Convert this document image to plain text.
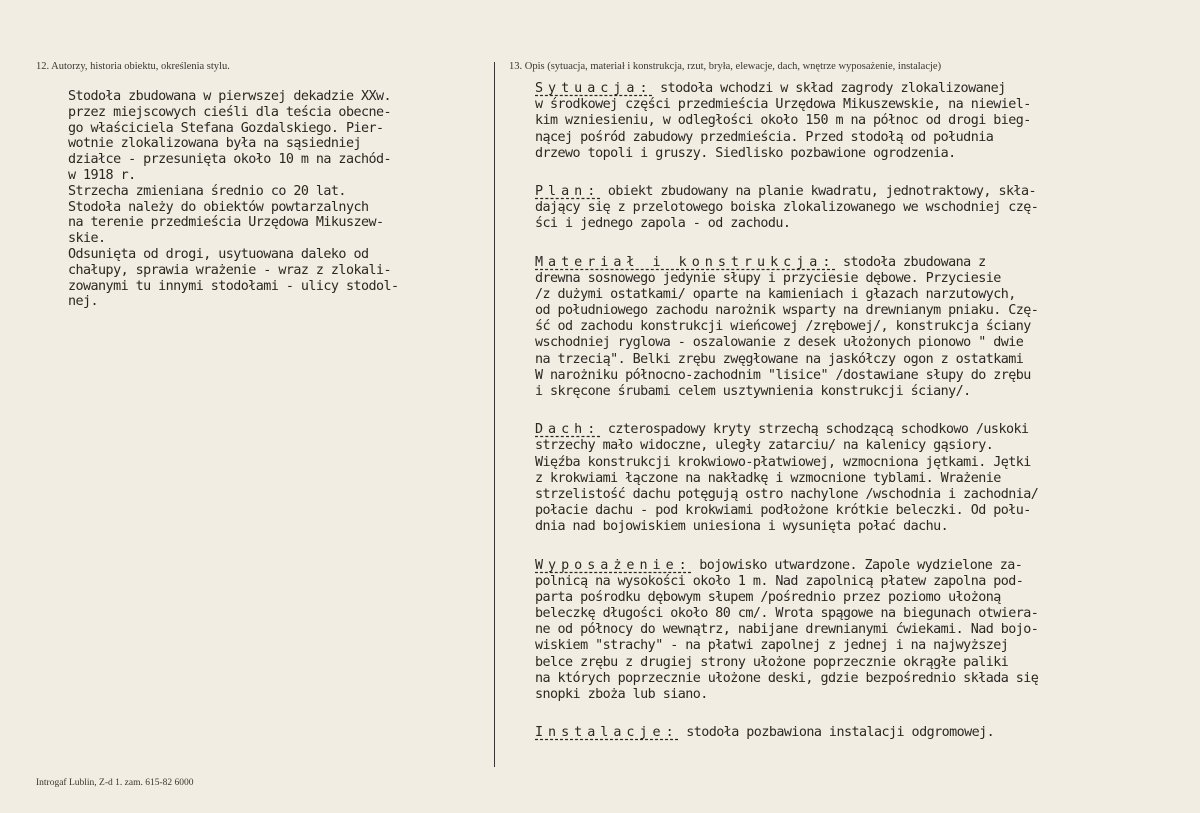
12. Autorzy, historia obiektu, określenia stylu.	13. Opis (sytuacja, materiał i konstrukcja, rzut, bryła, elewacje, dach, wnętrze wyposażenie, instalacje)
Stodoła zbudowana w pierwszej dekadzie XXw.
przez miejscowych cieśli dla teścia obecne-
go właściciela Stefana Gozdalskiego. Pier-
wotnie zlokalizowana była na sąsiedniej
działce - przesunięta około 10 m na zachód-
w 1918 r.
Strzecha zmieniana średnio co 20 lat.
Stodoła należy do obiektów powtarzalnych
na terenie przedmieścia Urzędowa Mikuszew-
skie.
Odsunięta od drogi, usytuowana daleko od
chałupy, sprawia wrażenie - wraz z zlokali-
zowanymi tu innymi stodołami - ulicy stodol-
nej.
Sytuacja: stodoła wchodzi w skład zagrody zlokalizowanej
w środkowej części przedmieścia Urzędowa Mikuszewskie, na niewiel-
kim wzniesieniu, w odległości około 150 m na północ od drogi bieg-
nącej pośród zabudowy przedmieścia. Przed stodołą od południa
drzewo topoli i gruszy. Siedlisko pozbawione ogrodzenia.
Plan: obiekt zbudowany na planie kwadratu, jednotraktowy, skła-
dający się z przelotowego boiska zlokalizowanego we wschodniej czę-
ści i jednego zapola - od zachodu.
Materiał i konstrukcja: stodoła zbudowana z
drewna sosnowego jedynie słupy i przyciesie dębowe. Przyciesie
/z dużymi ostatkami/ oparte na kamieniach i głazach narzutowych,
od południowego zachodu narożnik wsparty na drewnianym pniaku. Czę-
ść od zachodu konstrukcji wieńcowej /zrębowej/, konstrukcja ściany
wschodniej ryglowa - oszalowanie z desek ułożonych pionowo " dwie
na trzecią". Belki zrębu zwęgłowane na jaskółczy ogon z ostatkami
W narożniku północno-zachodnim "lisice" /dostawiane słupy do zrębu
i skręcone śrubami celem usztywnienia konstrukcji ściany/.
Dach: czterospadowy kryty strzechą schodzącą schodkowo /uskoki
strzechy mało widoczne, uległy zatarciu/ na kalenicy gąsiory.
Więźba konstrukcji krokwiowo-płatwiowej, wzmocniona jętkami. Jętki
z krokwiami łączone na nakładkę i wzmocnione tyblami. Wrażenie
strzelistość dachu potęgują ostro nachylone /wschodnia i zachodnia/
połacie dachu - pod krokwiami podłożone krótkie beleczki. Od połu-
dnia nad bojowiskiem uniesiona i wysunięta połać dachu.
Wyposażenie: bojowisko utwardzone. Zapole wydzielone za-
polnicą na wysokości około 1 m. Nad zapolnicą płatew zapolna pod-
parta pośrodku dębowym słupem /pośrednio przez poziomo ułożoną
beleczkę długości około 80 cm/. Wrota spągowe na biegunach otwiera-
ne od północy do wewnątrz, nabijane drewnianymi ćwiekami. Nad bojo-
wiskiem "strachy" - na płatwi zapolnej z jednej i na najwyższej
belce zrębu z drugiej strony ułożone poprzecznie okrągłe paliki
na których poprzecznie ułożone deski, gdzie bezpośrednio składa się
snopki zboża lub siano.
Instalacje: stodoła pozbawiona instalacji odgromowej.
Introgaf Lublin, Z-d 1. zam. 615-82 6000
